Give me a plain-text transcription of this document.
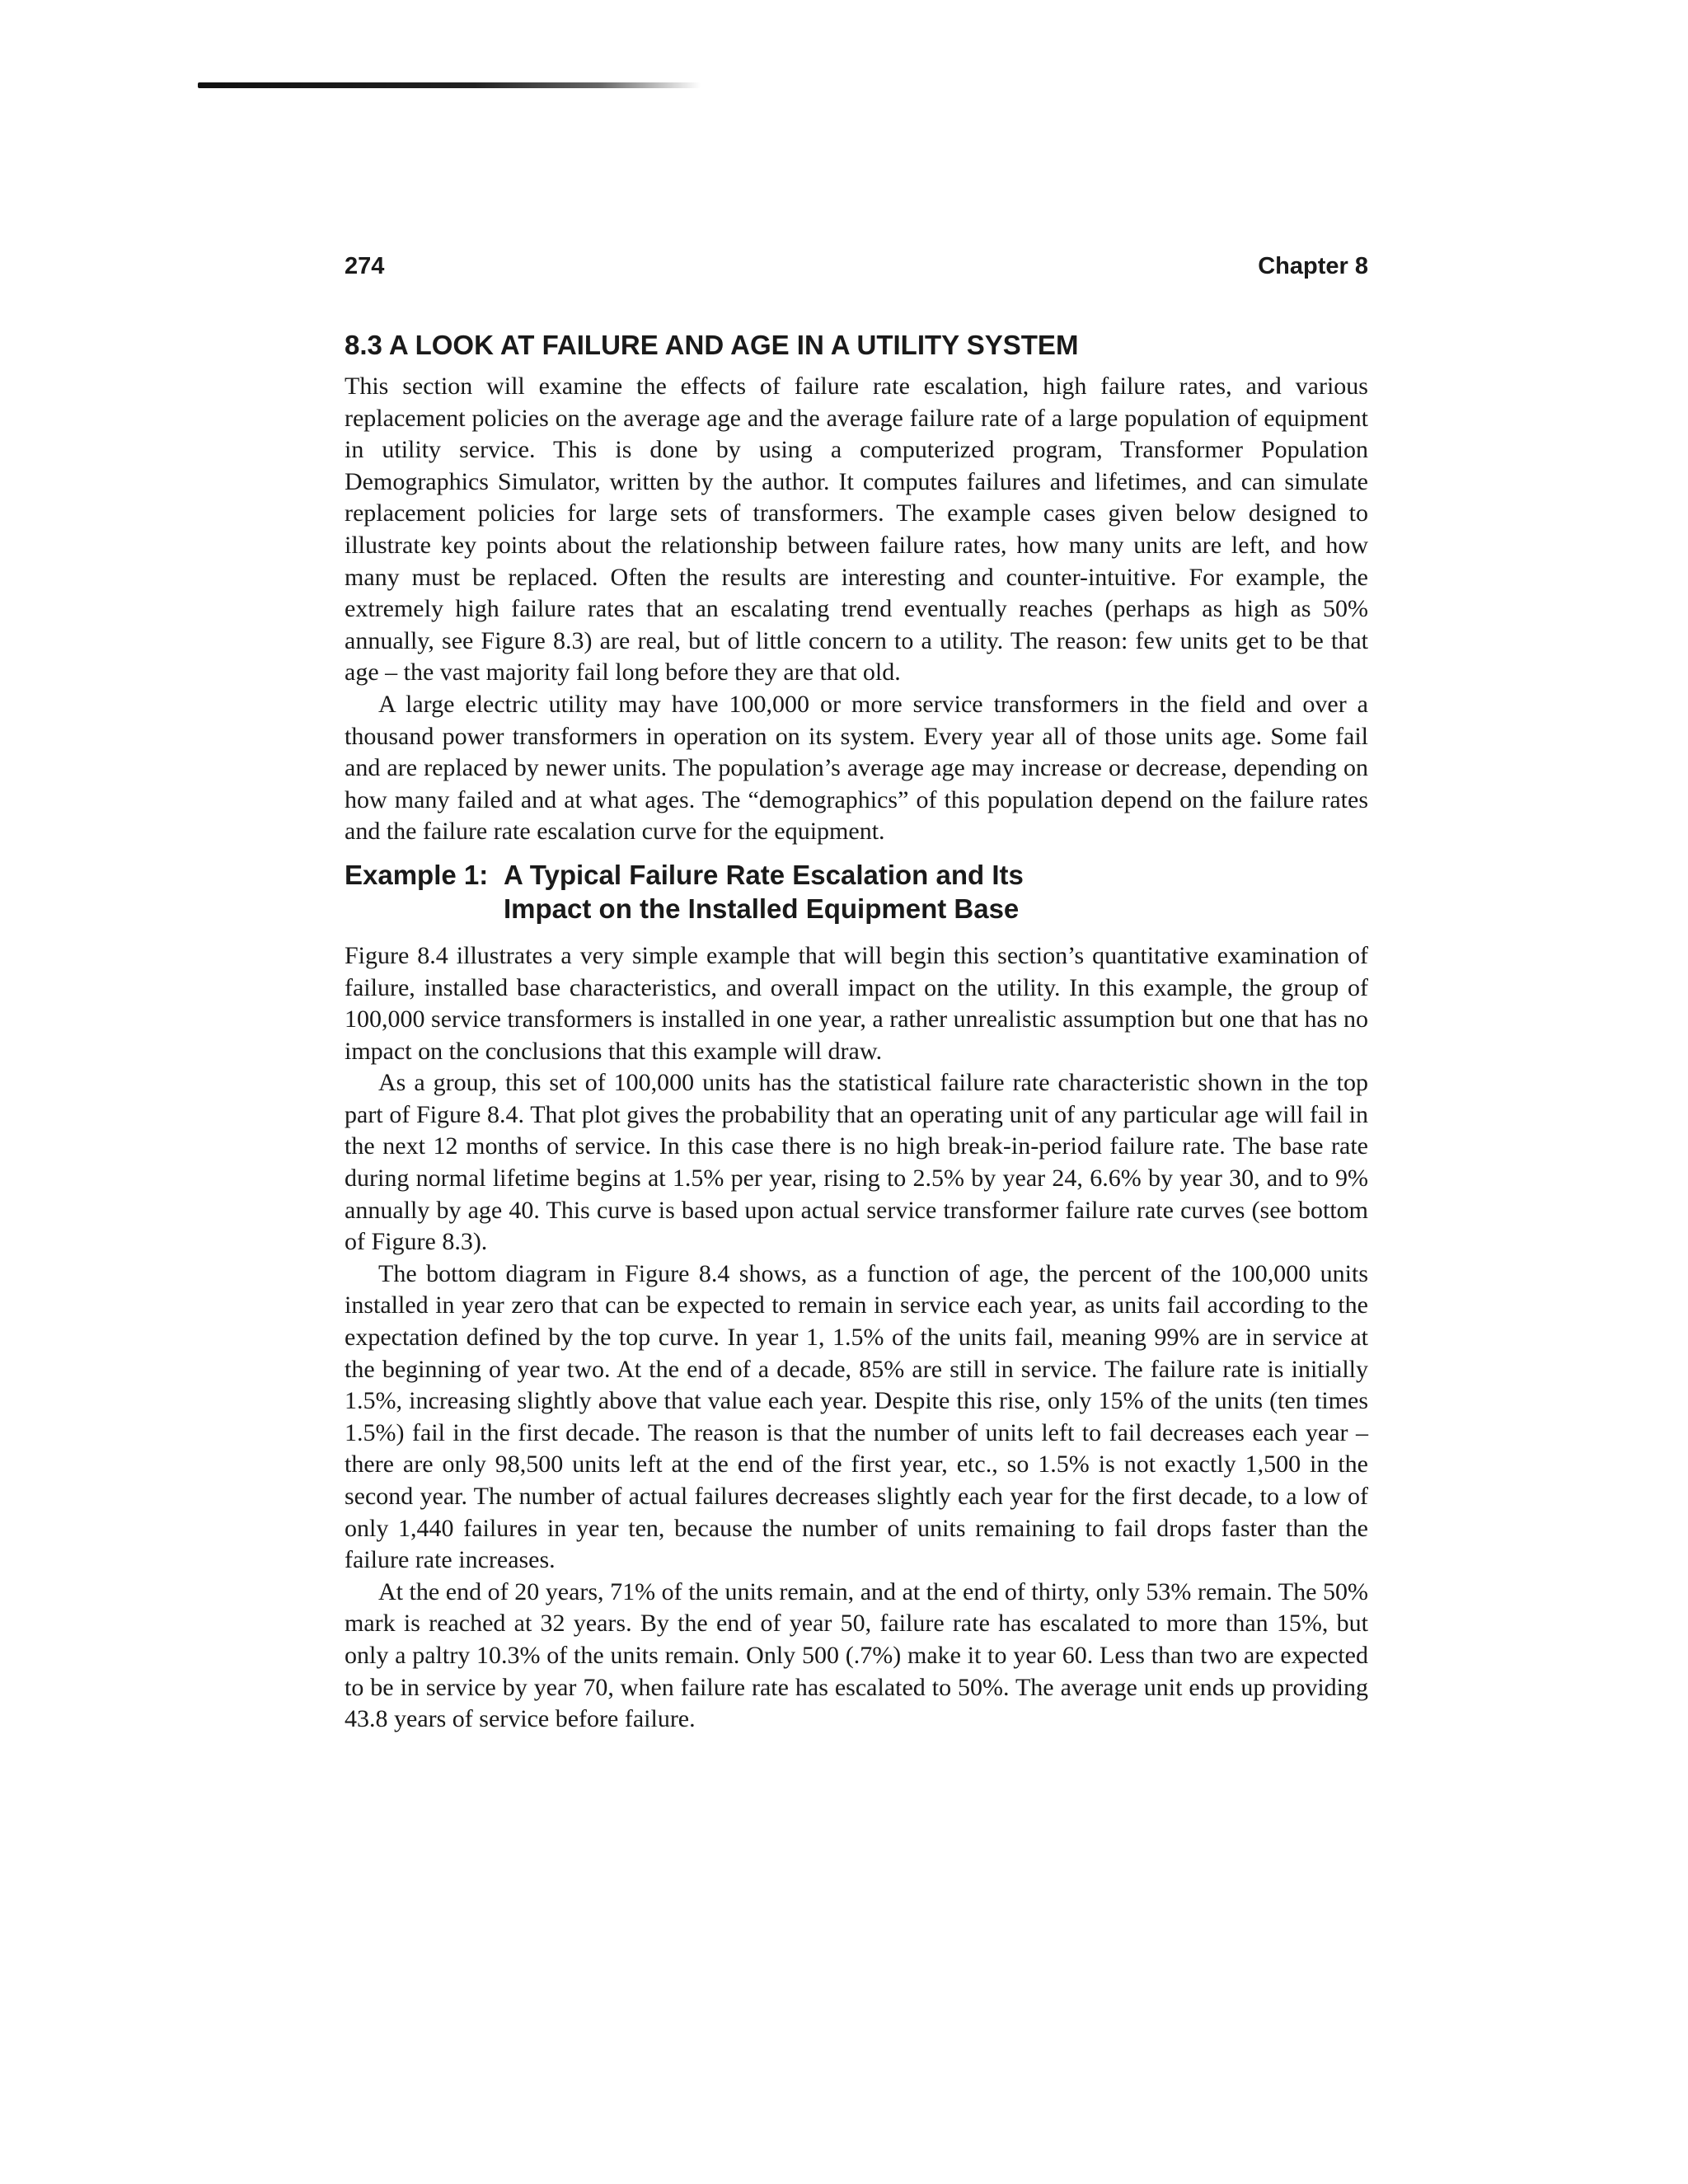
274	Chapter 8
8.3 A LOOK AT FAILURE AND AGE IN A UTILITY SYSTEM

This section will examine the effects of failure rate escalation, high failure rates, and various replacement policies on the average age and the average failure rate of a large population of equipment in utility service. This is done by using a computerized program, Transformer Population Demographics Simulator, written by the author. It computes failures and lifetimes, and can simulate replacement policies for large sets of transformers. The example cases given below designed to illustrate key points about the relationship between failure rates, how many units are left, and how many must be replaced. Often the results are interesting and counter-intuitive. For example, the extremely high failure rates that an escalating trend eventually reaches (perhaps as high as 50% annually, see Figure 8.3) are real, but of little concern to a utility. The reason: few units get to be that age – the vast majority fail long before they are that old.

A large electric utility may have 100,000 or more service transformers in the field and over a thousand power transformers in operation on its system. Every year all of those units age. Some fail and are replaced by newer units. The population’s average age may increase or decrease, depending on how many failed and at what ages. The “demographics” of this population depend on the failure rates and the failure rate escalation curve for the equipment.

Example 1: A Typical Failure Rate Escalation and Its
Impact on the Installed Equipment Base

Figure 8.4 illustrates a very simple example that will begin this section’s quantitative examination of failure, installed base characteristics, and overall impact on the utility. In this example, the group of 100,000 service transformers is installed in one year, a rather unrealistic assumption but one that has no impact on the conclusions that this example will draw.

As a group, this set of 100,000 units has the statistical failure rate characteristic shown in the top part of Figure 8.4. That plot gives the probability that an operating unit of any particular age will fail in the next 12 months of service. In this case there is no high break-in-period failure rate. The base rate during normal lifetime begins at 1.5% per year, rising to 2.5% by year 24, 6.6% by year 30, and to 9% annually by age 40. This curve is based upon actual service transformer failure rate curves (see bottom of Figure 8.3).

The bottom diagram in Figure 8.4 shows, as a function of age, the percent of the 100,000 units installed in year zero that can be expected to remain in service each year, as units fail according to the expectation defined by the top curve. In year 1, 1.5% of the units fail, meaning 99% are in service at the beginning of year two. At the end of a decade, 85% are still in service. The failure rate is initially 1.5%, increasing slightly above that value each year. Despite this rise, only 15% of the units (ten times 1.5%) fail in the first decade. The reason is that the number of units left to fail decreases each year – there are only 98,500 units left at the end of the first year, etc., so 1.5% is not exactly 1,500 in the second year. The number of actual failures decreases slightly each year for the first decade, to a low of only 1,440 failures in year ten, because the number of units remaining to fail drops faster than the failure rate increases.

At the end of 20 years, 71% of the units remain, and at the end of thirty, only 53% remain. The 50% mark is reached at 32 years. By the end of year 50, failure rate has escalated to more than 15%, but only a paltry 10.3% of the units remain. Only 500 (.7%) make it to year 60. Less than two are expected to be in service by year 70, when failure rate has escalated to 50%. The average unit ends up providing 43.8 years of service before failure.
